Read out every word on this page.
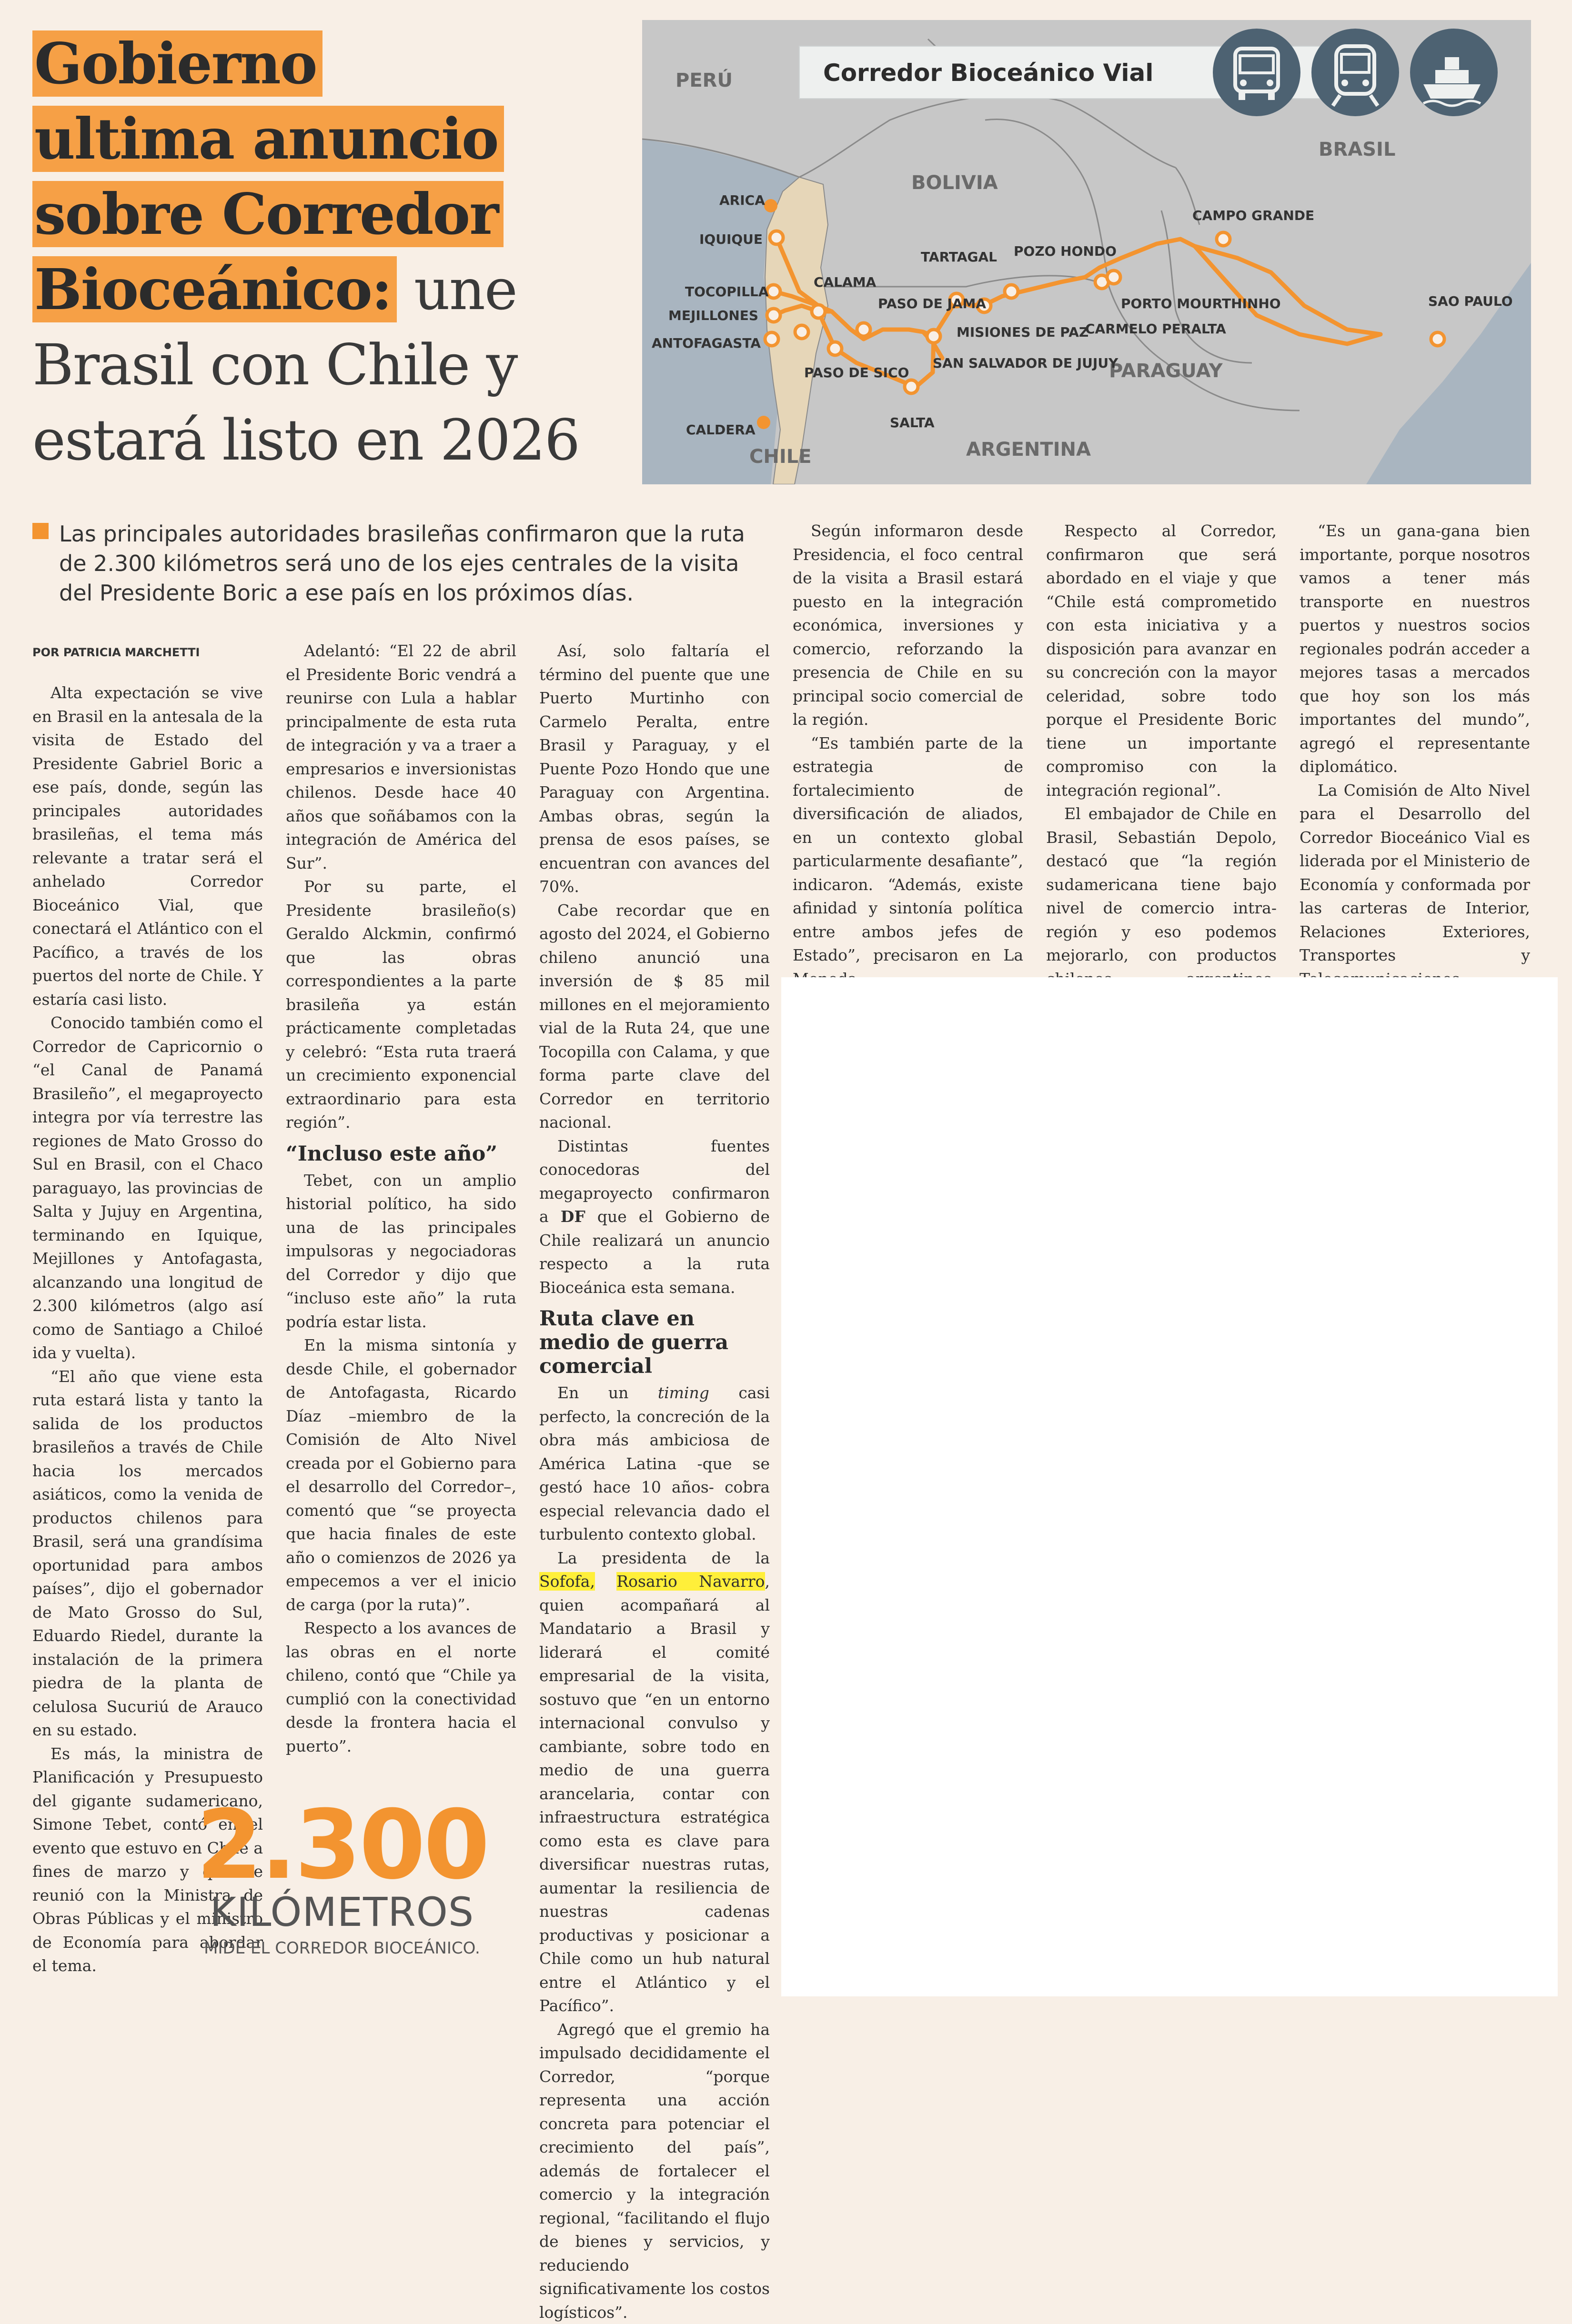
Gobierno
ultima anuncio
sobre Corredor
Bioceánico: une
Brasil con Chile y
estará listo en 2026
Corredor Bioceánico Vial
PERÚ
BOLIVIA
BRASIL
PARAGUAY
ARGENTINA
CHILE
ARICA
IQUIQUE
TOCOPILLA
MEJILLONES
ANTOFAGASTA
CALAMA
CALDERA
PASO DE JAMA
PASO DE SICO
SALTA
SAN SALVADOR DE JUJUY
TARTAGAL
MISIONES DE PAZ
POZO HONDO
CARMELO PERALTA
PORTO MOURTHINHO
CAMPO GRANDE
SAO PAULO

Las principales autoridades brasileñas confirmaron que la ruta de 2.300 kilómetros será uno de los ejes centrales de la visita del Presidente Boric a ese país en los próximos días.

POR PATRICIA MARCHETTI

Alta expectación se vive en Brasil en la antesala de la visita de Estado del Presidente Gabriel Boric a ese país, donde, según las principales autoridades brasileñas, el tema más relevante a tratar será el anhelado Corredor Bioceánico Vial, que conectará el Atlántico con el Pacífico, a través de los puertos del norte de Chile. Y estaría casi listo.

Conocido también como el Corredor de Capricornio o “el Canal de Panamá Brasileño”, el megaproyecto integra por vía terrestre las regiones de Mato Grosso do Sul en Brasil, con el Chaco paraguayo, las provincias de Salta y Jujuy en Argentina, terminando en Iquique, Mejillones y Antofagasta, alcanzando una longitud de 2.300 kilómetros (algo así como de Santiago a Chiloé ida y vuelta).

“El año que viene esta ruta estará lista y tanto la salida de los productos brasileños a través de Chile hacia los mercados asiáticos, como la venida de productos chilenos para Brasil, será una grandísima oportunidad para ambos países”, dijo el gobernador de Mato Grosso do Sul, Eduardo Riedel, durante la instalación de la primera piedra de la planta de celulosa Sucuriú de Arauco en su estado.

Es más, la ministra de Planificación y Presupuesto del gigante sudamericano, Simone Tebet, contó en el evento que estuvo en Chile a fines de marzo y que se reunió con la Ministra de Obras Públicas y el ministro de Economía para abordar el tema.

Adelantó: “El 22 de abril el Presidente Boric vendrá a reunirse con Lula a hablar principalmente de esta ruta de integración y va a traer a empresarios e inversionistas chilenos. Desde hace 40 años que soñábamos con la integración de América del Sur”.

Por su parte, el Presidente brasileño(s) Geraldo Alckmin, confirmó que las obras correspondientes a la parte brasileña ya están prácticamente completadas y celebró: “Esta ruta traerá un crecimiento exponencial extraordinario para esta región”.

“Incluso este año”

Tebet, con un amplio historial político, ha sido una de las principales impulsoras y negociadoras del Corredor y dijo que “incluso este año” la ruta podría estar lista.

En la misma sintonía y desde Chile, el gobernador de Antofagasta, Ricardo Díaz –miembro de la Comisión de Alto Nivel creada por el Gobierno para el desarrollo del Corredor–, comentó que “se proyecta que hacia finales de este año o comienzos de 2026 ya empecemos a ver el inicio de carga (por la ruta)”.

Respecto a los avances de las obras en el norte chileno, contó que “Chile ya cumplió con la conectividad desde la frontera hacia el puerto”.

Así, solo faltaría el término del puente que une Puerto Murtinho con Carmelo Peralta, entre Brasil y Paraguay, y el Puente Pozo Hondo que une Paraguay con Argentina. Ambas obras, según la prensa de esos países, se encuentran con avances del 70%.

Cabe recordar que en agosto del 2024, el Gobierno chileno anunció una inversión de $ 85 mil millones en el mejoramiento vial de la Ruta 24, que une Tocopilla con Calama, y que forma parte clave del Corredor en territorio nacional.

Distintas fuentes conocedoras del megaproyecto confirmaron a DF que el Gobierno de Chile realizará un anuncio respecto a la ruta Bioceánica esta semana.

Ruta clave en medio de guerra comercial

En un timing casi perfecto, la concreción de la obra más ambiciosa de América Latina -que se gestó hace 10 años- cobra especial relevancia dado el turbulento contexto global.

La presidenta de la Sofofa, Rosario Navarro, quien acompañará al Mandatario a Brasil y liderará el comité empresarial de la visita, sostuvo que “en un entorno internacional convulso y cambiante, sobre todo en medio de una guerra arancelaria, contar con infraestructura estratégica como esta es clave para diversificar nuestras rutas, aumentar la resiliencia de nuestras cadenas productivas y posicionar a Chile como un hub natural entre el Atlántico y el Pacífico”.

Agregó que el gremio ha impulsado decididamente el Corredor, “porque representa una acción concreta para potenciar el crecimiento del país”, además de fortalecer el comercio y la integración regional, “facilitando el flujo de bienes y servicios, y reduciendo significativamente los costos logísticos”.

Según informaron desde Presidencia, el foco central de la visita a Brasil estará puesto en la integración económica, inversiones y comercio, reforzando la presencia de Chile en su principal socio comercial de la región.

“Es también parte de la estrategia de fortalecimiento de diversificación de aliados, en un contexto global particularmente desafiante”, indicaron. “Además, existe afinidad y sintonía política entre ambos jefes de Estado”, precisaron en La

Respecto al Corredor, confirmaron que será abordado en el viaje y que “Chile está comprometido con esta iniciativa y a disposición para avanzar en su concreción con la mayor celeridad, sobre todo porque el Presidente Boric tiene un importante compromiso con la integración regional”.

El embajador de Chile en Brasil, Sebastián Depolo, destacó que “la región sudamericana tiene bajo nivel de comercio intra-región y eso podemos mejorarlo, con productos

“Es un gana-gana bien importante, porque nosotros vamos a tener más transporte en nuestros puertos y nuestros socios regionales podrán acceder a mejores tasas a mercados que hoy son los más importantes del mundo”, agregó el representante diplomático.

La Comisión de Alto Nivel para el Desarrollo del Corredor Bioceánico Vial es liderada por el Ministerio de Economía y conformada por las carteras de Interior, Relaciones Exteriores, Transportes y

2.300
KILÓMETROS
MIDE EL CORREDOR BIOCEÁNICO.
